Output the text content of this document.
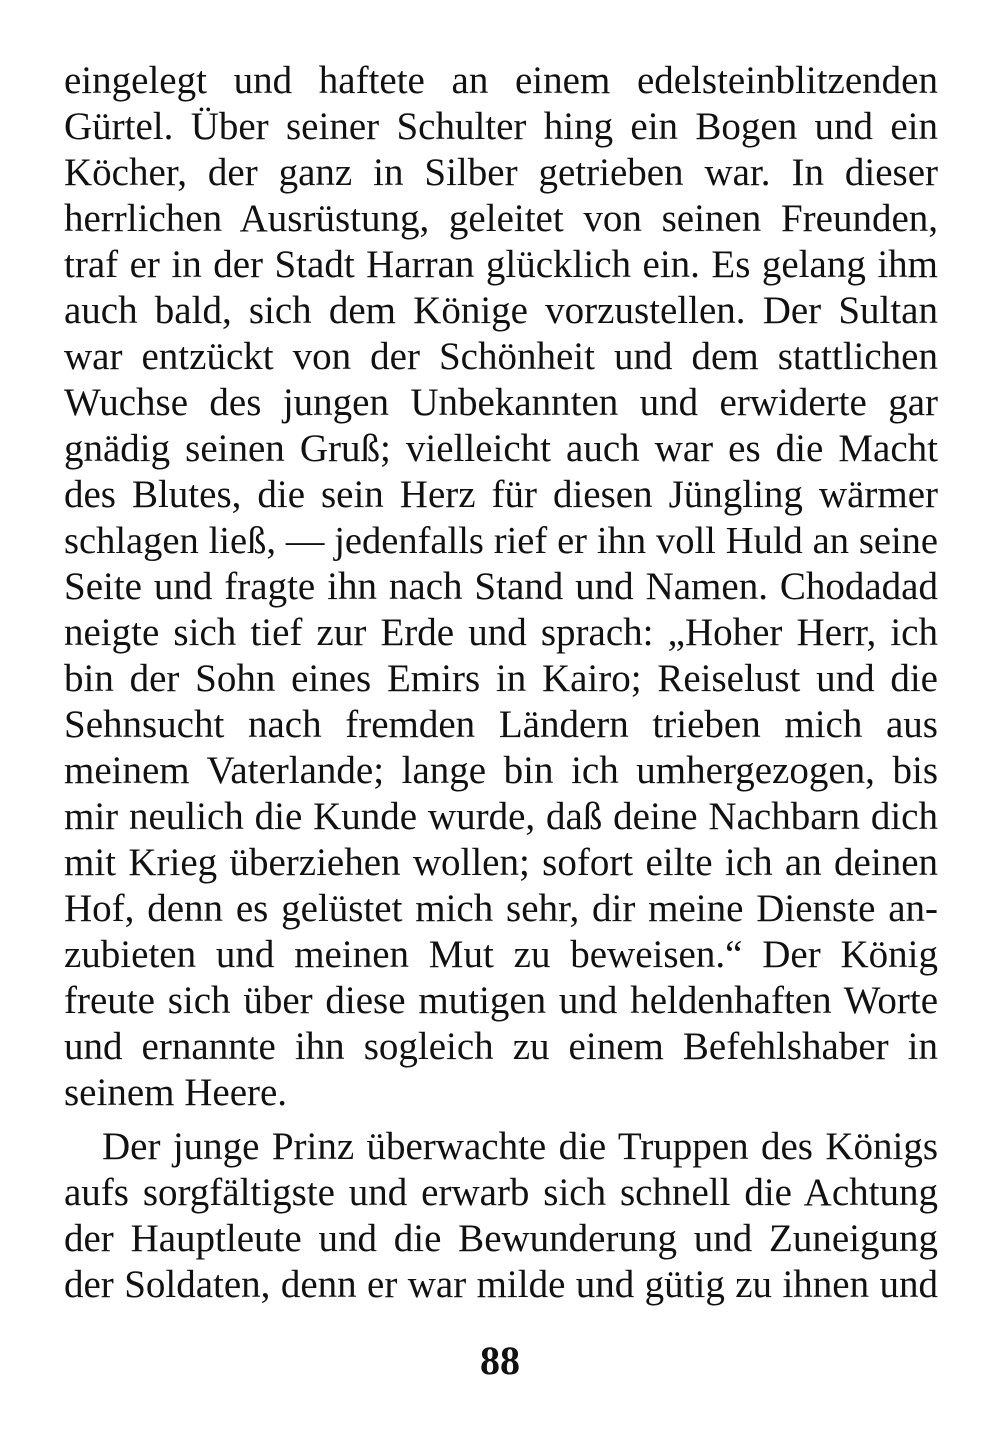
eingelegt und haftete an einem edelsteinblitzenden
Gürtel. Über seiner Schulter hing ein Bogen und ein
Köcher, der ganz in Silber getrieben war. In dieser
herrlichen Ausrüstung, geleitet von seinen Freunden,
traf er in der Stadt Harran glücklich ein. Es gelang ihm
auch bald, sich dem Könige vorzustellen. Der Sultan
war entzückt von der Schönheit und dem stattlichen
Wuchse des jungen Unbekannten und erwiderte gar
gnädig seinen Gruß; vielleicht auch war es die Macht
des Blutes, die sein Herz für diesen Jüngling wärmer
schlagen ließ, — jedenfalls rief er ihn voll Huld an seine
Seite und fragte ihn nach Stand und Namen. Chodadad
neigte sich tief zur Erde und sprach: „Hoher Herr, ich
bin der Sohn eines Emirs in Kairo; Reiselust und die
Sehnsucht nach fremden Ländern trieben mich aus
meinem Vaterlande; lange bin ich umhergezogen, bis
mir neulich die Kunde wurde, daß deine Nachbarn dich
mit Krieg überziehen wollen; sofort eilte ich an deinen
Hof, denn es gelüstet mich sehr, dir meine Dienste an-
zubieten und meinen Mut zu beweisen.“ Der König
freute sich über diese mutigen und heldenhaften Worte
und ernannte ihn sogleich zu einem Befehlshaber in
seinem Heere.
Der junge Prinz überwachte die Truppen des Königs
aufs sorgfältigste und erwarb sich schnell die Achtung
der Hauptleute und die Bewunderung und Zuneigung
der Soldaten, denn er war milde und gütig zu ihnen und
88
